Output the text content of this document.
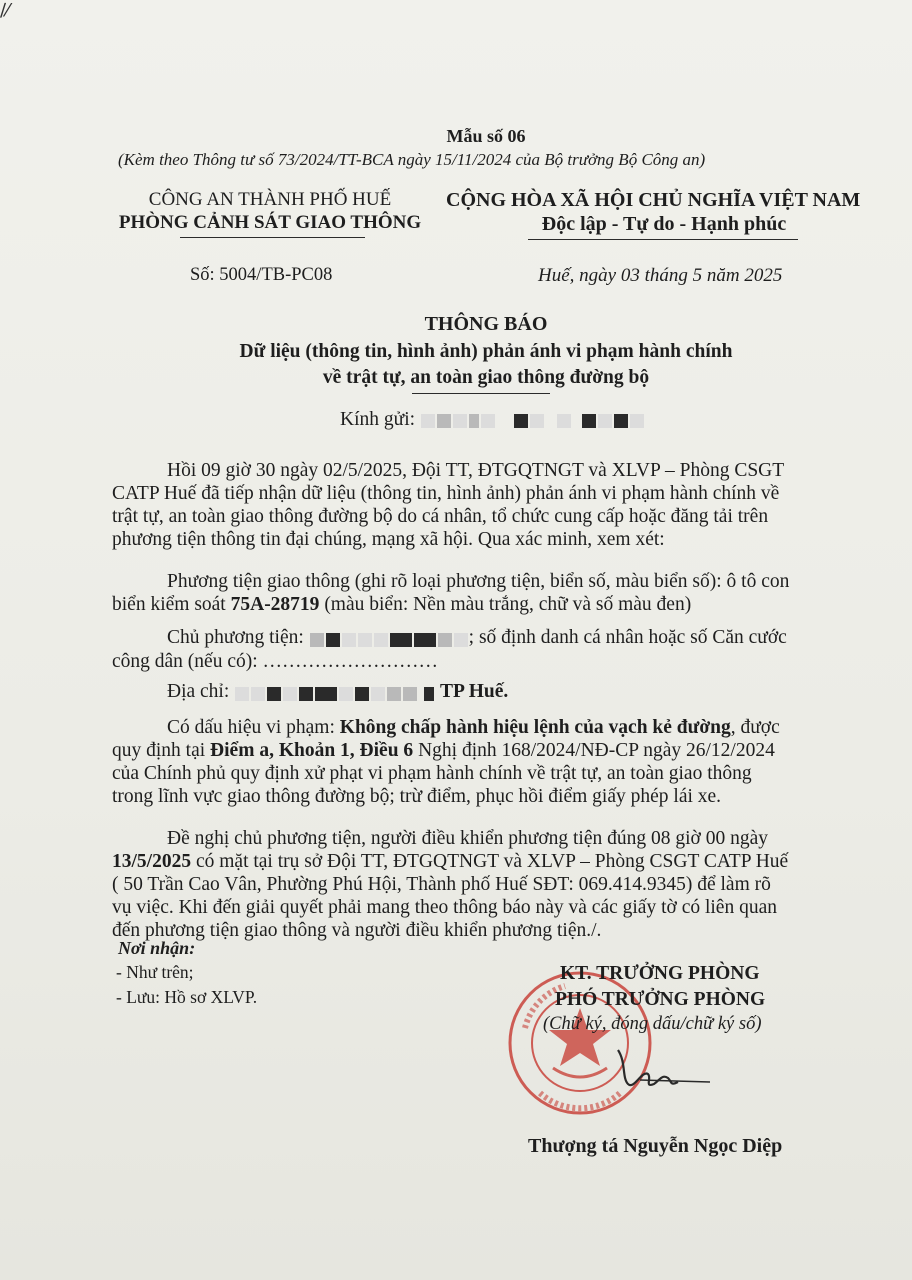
∕⁄
Mẫu số 06
(Kèm theo Thông tư số 73/2024/TT-BCA ngày 15/11/2024 của Bộ trưởng Bộ Công an)
CÔNG AN THÀNH PHỐ HUẾ
PHÒNG CẢNH SÁT GIAO THÔNG
CỘNG HÒA XÃ HỘI CHỦ NGHĨA VIỆT NAM
Độc lập - Tự do - Hạnh phúc
Số: 5004/TB-PC08	Huế, ngày 03 tháng 5 năm 2025
THÔNG BÁO
Dữ liệu (thông tin, hình ảnh) phản ánh vi phạm hành chính
về trật tự, an toàn giao thông đường bộ
Kính gửi:
Hồi 09 giờ 30 ngày 02/5/2025, Đội TT, ĐTGQTNGT và XLVP – Phòng CSGT
CATP Huế đã tiếp nhận dữ liệu (thông tin, hình ảnh) phản ánh vi phạm hành chính về
trật tự, an toàn giao thông đường bộ do cá nhân, tổ chức cung cấp hoặc đăng tải trên
phương tiện thông tin đại chúng, mạng xã hội. Qua xác minh, xem xét:
Phương tiện giao thông (ghi rõ loại phương tiện, biển số, màu biển số): ô tô con
biển kiểm soát 75A-28719 (màu biển: Nền màu trắng, chữ và số màu đen)
Chủ phương tiện:	; số định danh cá nhân hoặc số Căn cước
công dân (nếu có): ………………………
Địa chỉ:	TP Huế.
Có dấu hiệu vi phạm: Không chấp hành hiệu lệnh của vạch kẻ đường, được
quy định tại Điểm a, Khoản 1, Điều 6 Nghị định 168/2024/NĐ-CP ngày 26/12/2024
của Chính phủ quy định xử phạt vi phạm hành chính về trật tự, an toàn giao thông
trong lĩnh vực giao thông đường bộ; trừ điểm, phục hồi điểm giấy phép lái xe.
Đề nghị chủ phương tiện, người điều khiển phương tiện đúng 08 giờ 00 ngày
13/5/2025 có mặt tại trụ sở Đội TT, ĐTGQTNGT và XLVP – Phòng CSGT CATP Huế
( 50 Trần Cao Vân, Phường Phú Hội, Thành phố Huế SĐT: 069.414.9345) để làm rõ
vụ việc. Khi đến giải quyết phải mang theo thông báo này và các giấy tờ có liên quan
đến phương tiện giao thông và người điều khiển phương tiện./.
Nơi nhận:
- Như trên;
- Lưu: Hồ sơ XLVP.
KT. TRƯỞNG PHÒNG
PHÓ TRƯỞNG PHÒNG
(Chữ ký, đóng dấu/chữ ký số)
Thượng tá Nguyễn Ngọc Diệp
